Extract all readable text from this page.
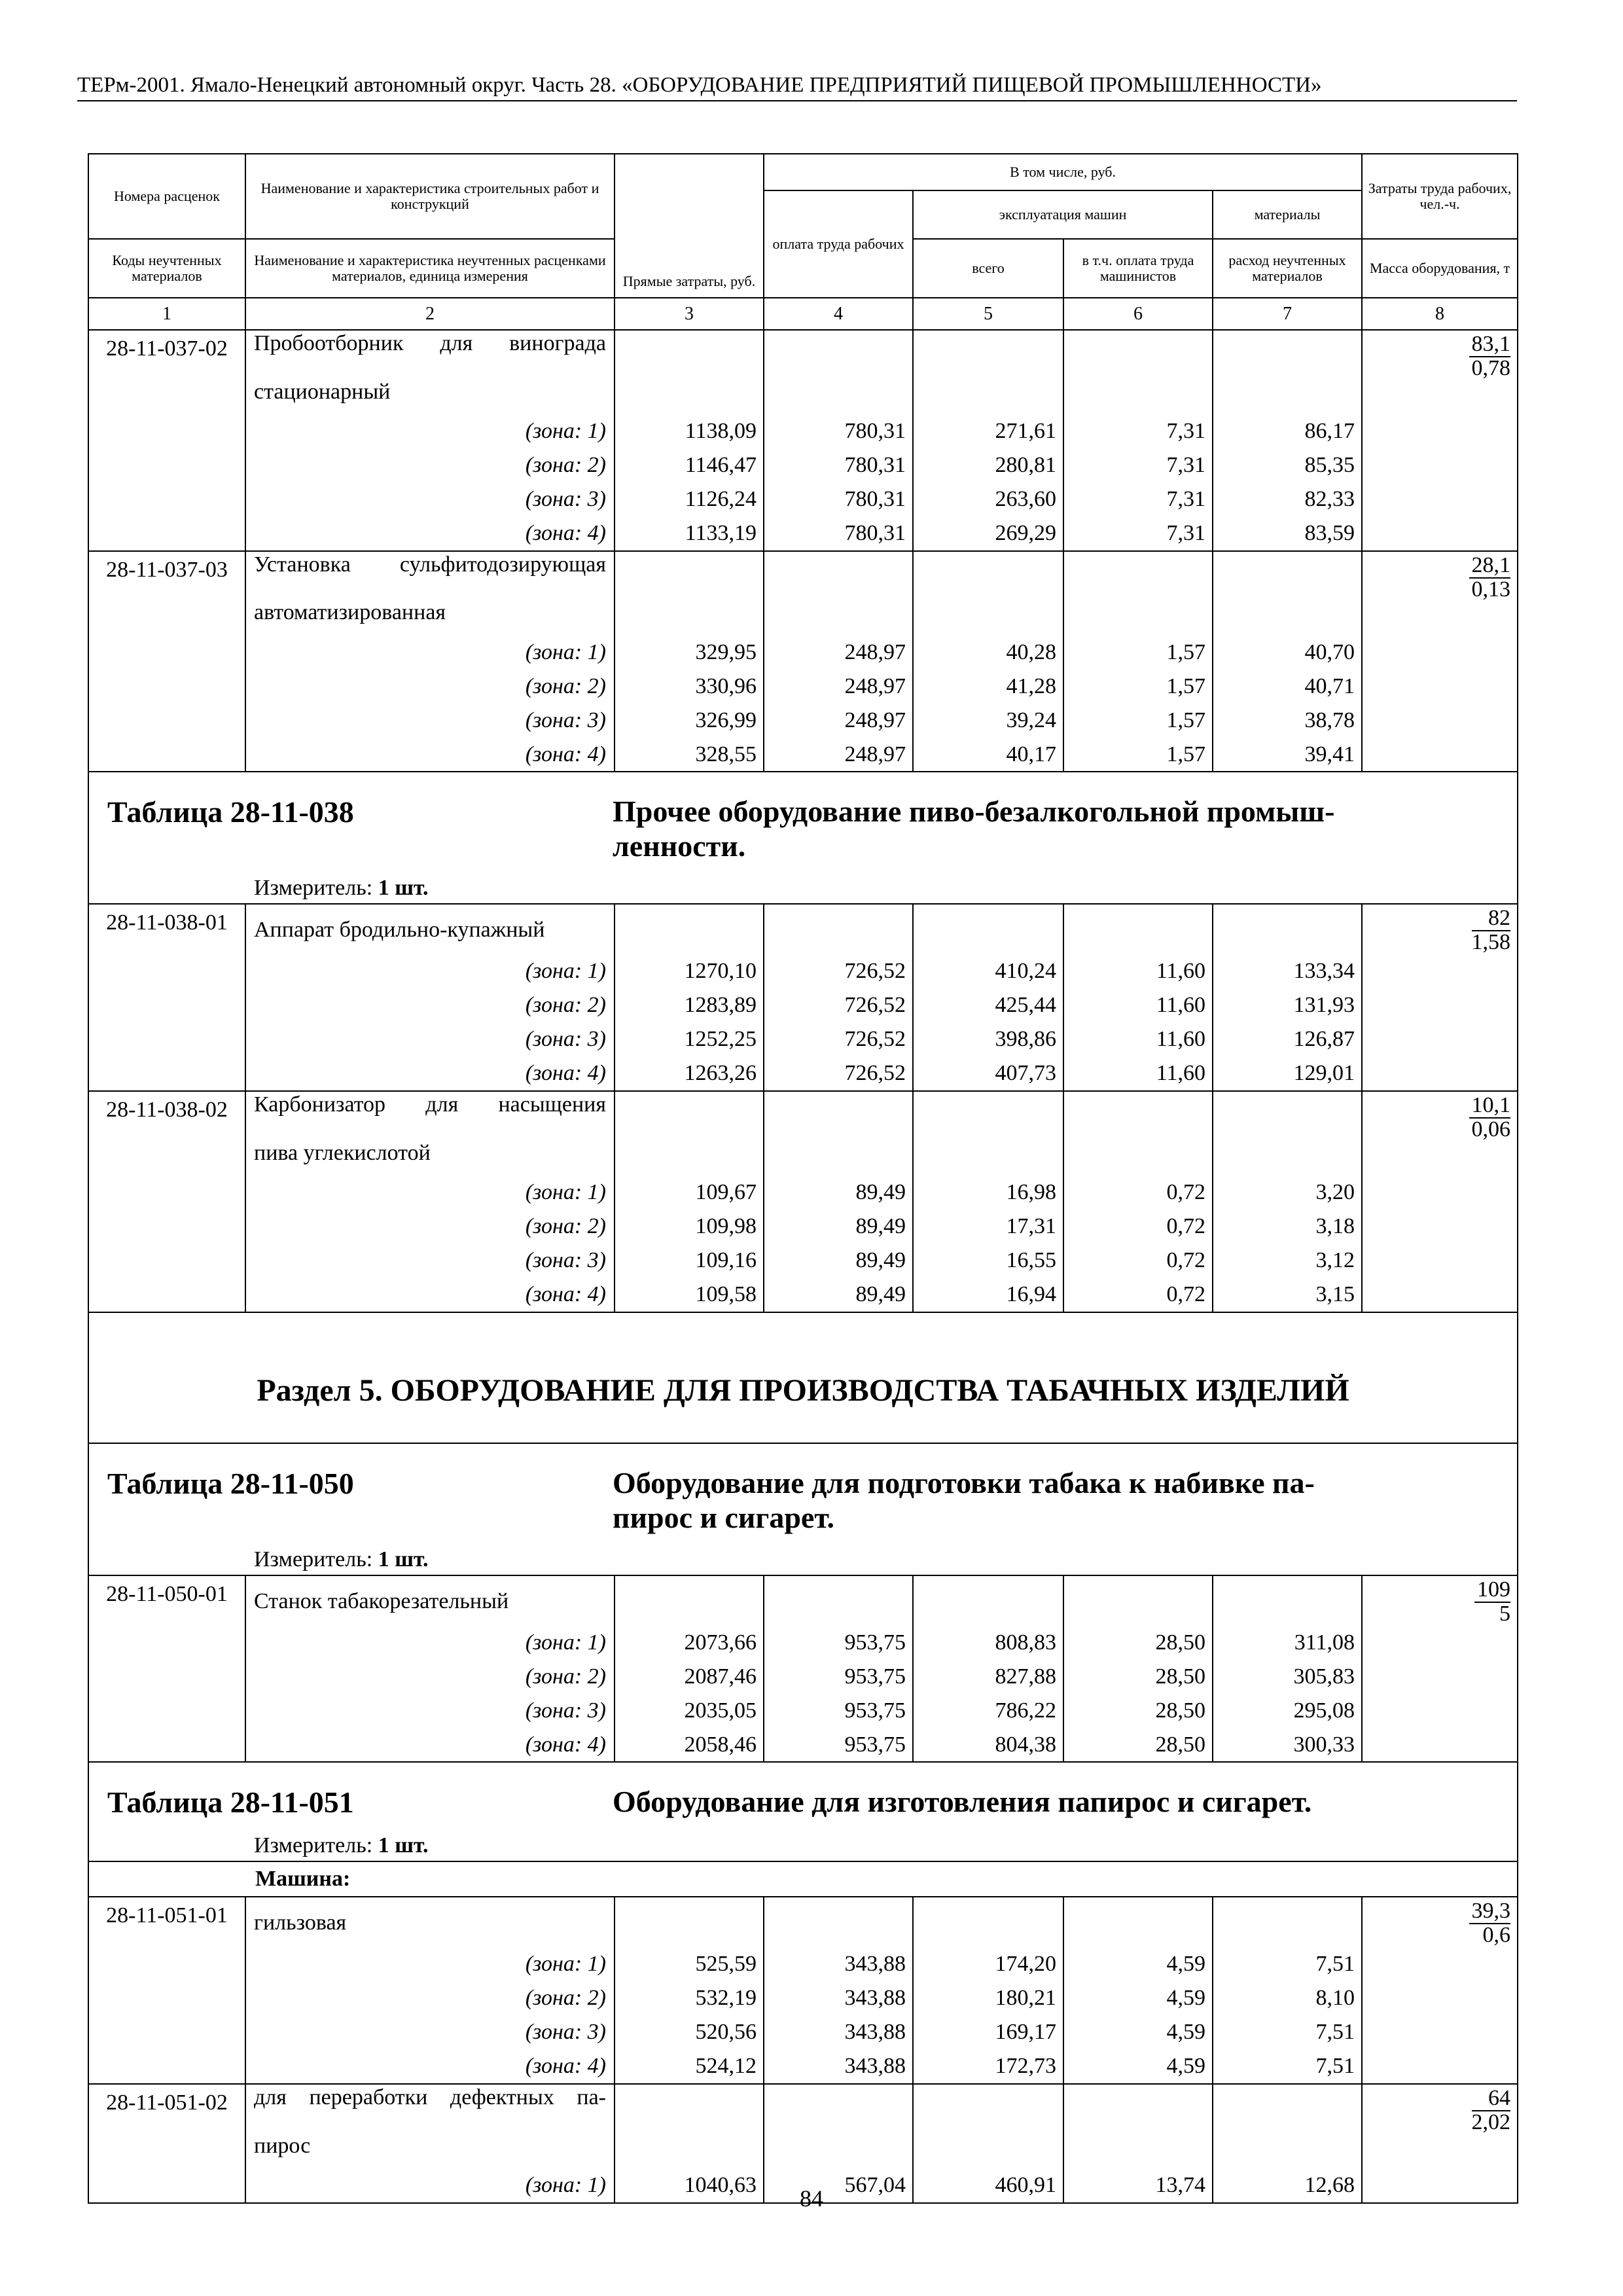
ТЕРм-2001. Ямало-Ненецкий автономный округ. Часть 28. «ОБОРУДОВАНИЕ ПРЕДПРИЯТИЙ ПИЩЕВОЙ ПРОМЫШЛЕННОСТИ»
Номера расценок	Наименование и характеристика строительных работ и конструкций	Прямые затраты, руб.	В том числе, руб.				Затраты труда рабочих, чел.-ч.
			оплата труда рабочих	эксплуатация машин		материалы	
Коды неучтенных материалов	Наименование и характеристика неучтенных расценками материалов, единица измерения			всего	в т.ч. оплата труда машинистов	расход неучтенных материалов	Масса оборудования, т

1	2	3	4	5	6	7	8
28-11-037-02	Пробоотборник для винограда						$\frac{83,1}{0,78}$

	стационарный						
	(зона: 1)	1138,09	780,31	271,61	7,31	86,17	
	(зона: 2)	1146,47	780,31	280,81	7,31	85,35	
	(зона: 3)	1126,24	780,31	263,60	7,31	82,33	
	(зона: 4)	1133,19	780,31	269,29	7,31	83,59	
28-11-037-03	Установка сульфитодозирующая						$\frac{28,1}{0,13}$

	автоматизированная						
	(зона: 1)	329,95	248,97	40,28	1,57	40,70	
	(зона: 2)	330,96	248,97	41,28	1,57	40,71	
	(зона: 3)	326,99	248,97	39,24	1,57	38,78	
	(зона: 4)	328,55	248,97	40,17	1,57	39,41	

Таблица 28-11-038 Прочее оборудование пиво-безалкогольной промыш-
ленности.
Измеритель: 1 шт.							

28-11-038-01	Аппарат бродильно-купажный						$\frac{82}{1,58}$

	(зона: 1)	1270,10	726,52	410,24	11,60	133,34	
	(зона: 2)	1283,89	726,52	425,44	11,60	131,93	
	(зона: 3)	1252,25	726,52	398,86	11,60	126,87	
	(зона: 4)	1263,26	726,52	407,73	11,60	129,01	
28-11-038-02	Карбонизатор для насыщения						$\frac{10,1}{0,06}$

	пива углекислотой						
	(зона: 1)	109,67	89,49	16,98	0,72	3,20	
	(зона: 2)	109,98	89,49	17,31	0,72	3,18	
	(зона: 3)	109,16	89,49	16,55	0,72	3,12	
	(зона: 4)	109,58	89,49	16,94	0,72	3,15	

Раздел 5. ОБОРУДОВАНИЕ ДЛЯ ПРОИЗВОДСТВА ТАБАЧНЫХ ИЗДЕЛИЙ							

Таблица 28-11-050 Оборудование для подготовки табака к набивке па-
пирос и сигарет.
Измеритель: 1 шт.							

28-11-050-01	Станок табакорезательный						$\frac{109}{5}$

	(зона: 1)	2073,66	953,75	808,83	28,50	311,08	
	(зона: 2)	2087,46	953,75	827,88	28,50	305,83	
	(зона: 3)	2035,05	953,75	786,22	28,50	295,08	
	(зона: 4)	2058,46	953,75	804,38	28,50	300,33	

Таблица 28-11-051 Оборудование для изготовления папирос и сигарет.
Измеритель: 1 шт.							

Машина:							
28-11-051-01	гильзовая						$\frac{39,3}{0,6}$

	(зона: 1)	525,59	343,88	174,20	4,59	7,51	
	(зона: 2)	532,19	343,88	180,21	4,59	8,10	
	(зона: 3)	520,56	343,88	169,17	4,59	7,51	
	(зона: 4)	524,12	343,88	172,73	4,59	7,51	
28-11-051-02	для переработки дефектных па-						$\frac{64}{2,02}$

	пирос						
	(зона: 1)	1040,63	567,04	460,91	13,74	12,68	
84
